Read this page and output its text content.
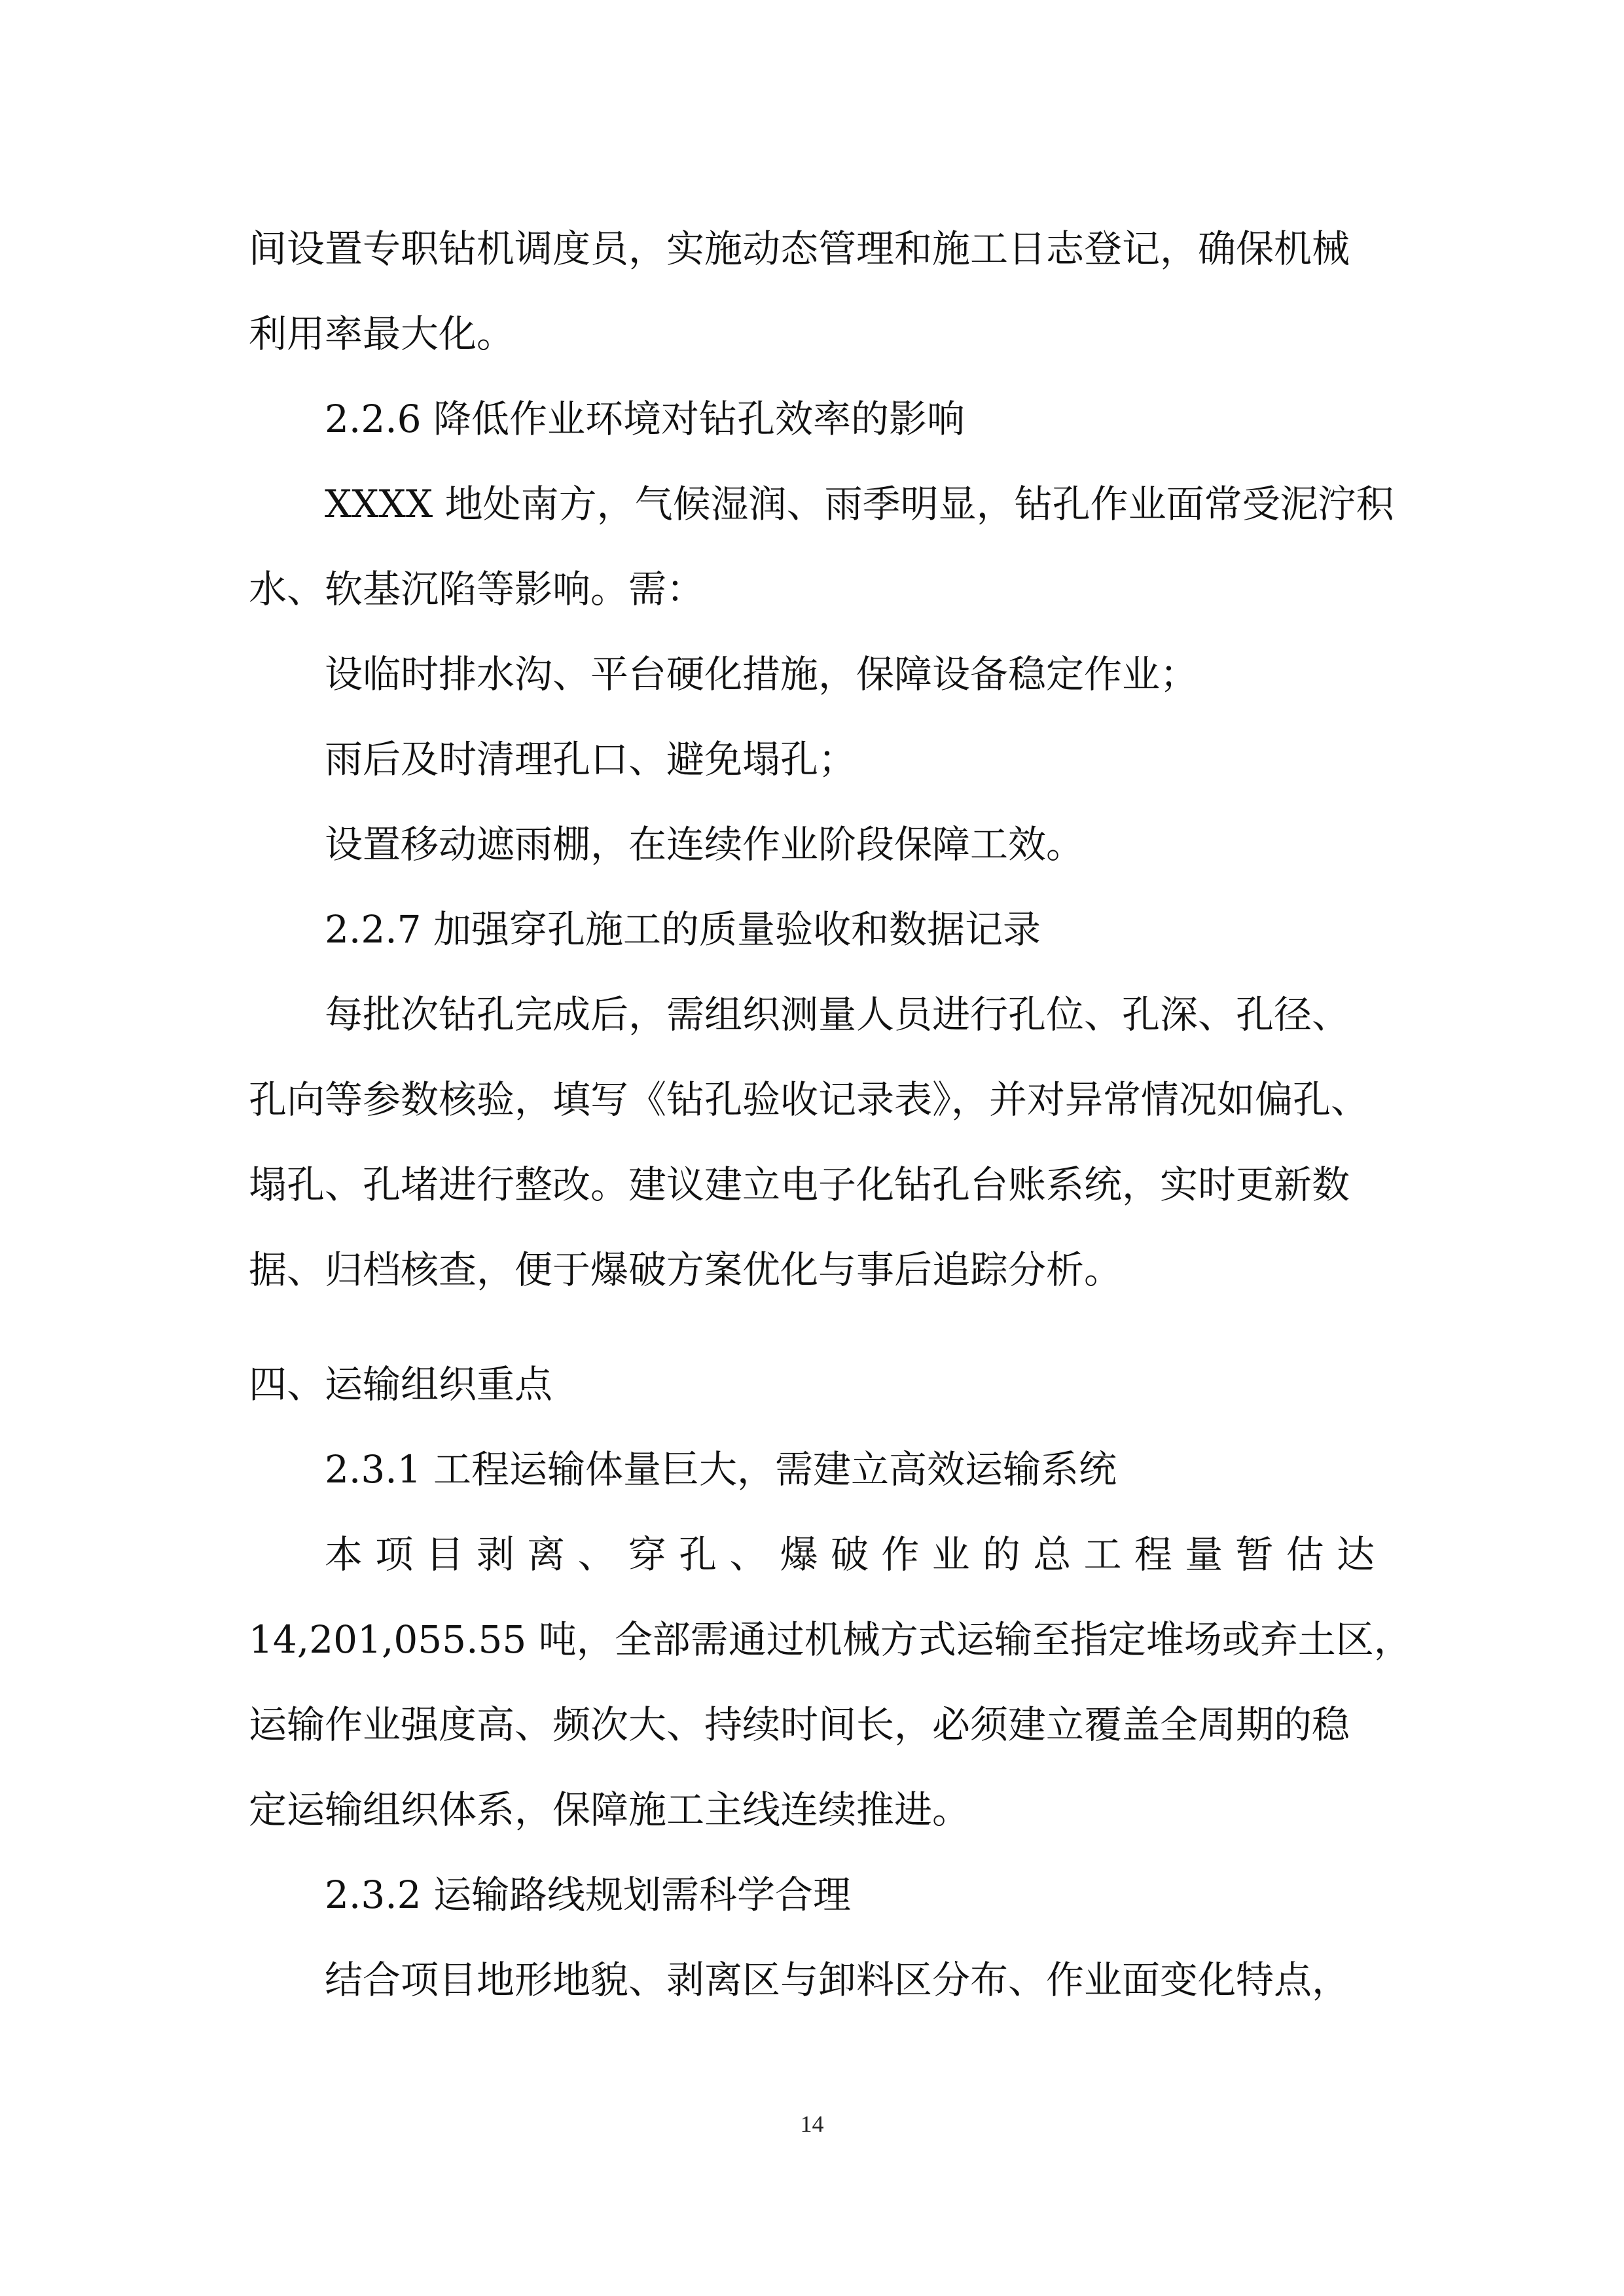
间设置专职钻机调度员，实施动态管理和施工日志登记，确保机械
利用率最大化。
2.2.6 降低作业环境对钻孔效率的影响
XXXX 地处南方，气候湿润、雨季明显，钻孔作业面常受泥泞积
水、软基沉陷等影响。需：
设临时排水沟、平台硬化措施，保障设备稳定作业；
雨后及时清理孔口、避免塌孔；
设置移动遮雨棚，在连续作业阶段保障工效。
2.2.7 加强穿孔施工的质量验收和数据记录
每批次钻孔完成后，需组织测量人员进行孔位、孔深、孔径、
孔向等参数核验，填写《钻孔验收记录表》，并对异常情况如偏孔、
塌孔、孔堵进行整改。建议建立电子化钻孔台账系统，实时更新数
据、归档核查，便于爆破方案优化与事后追踪分析。
四、运输组织重点
2.3.1 工程运输体量巨大，需建立高效运输系统
本项目剥离、穿孔、爆破作业的总工程量暂估达
14,201,055.55 吨，全部需通过机械方式运输至指定堆场或弃土区，
运输作业强度高、频次大、持续时间长，必须建立覆盖全周期的稳
定运输组织体系，保障施工主线连续推进。
2.3.2 运输路线规划需科学合理
结合项目地形地貌、剥离区与卸料区分布、作业面变化特点，
14
